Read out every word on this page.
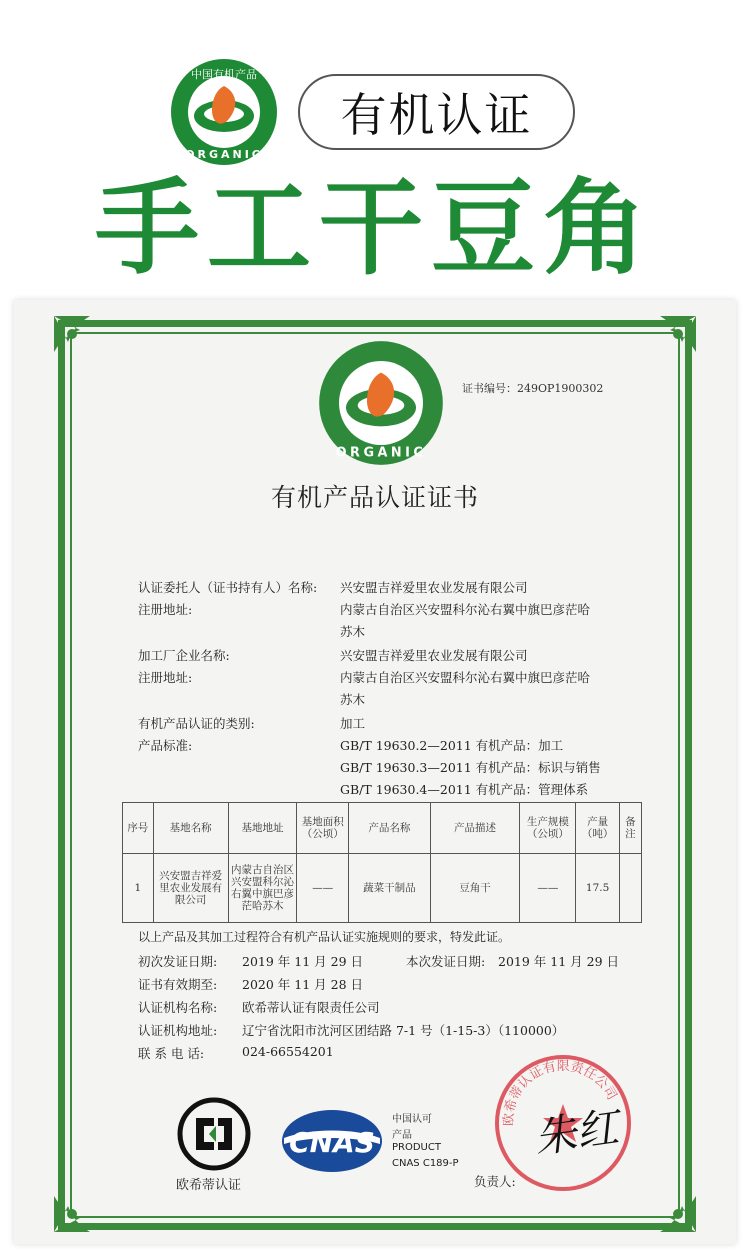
中国有机产品
ORGANIC
有机认证
手工干豆角
ORGANIC
证书编号：249OP1900302
有机产品认证证书
认证委托人（证书持有人）名称: 兴安盟吉祥爱里农业发展有限公司
注册地址:	内蒙古自治区兴安盟科尔沁右翼中旗巴彦茫哈
苏木
加工厂企业名称:	兴安盟吉祥爱里农业发展有限公司
注册地址:	内蒙古自治区兴安盟科尔沁右翼中旗巴彦茫哈
苏木
有机产品认证的类别:	加工
产品标准:	GB/T 19630.2—2011 有机产品：加工
GB/T 19630.3—2011 有机产品：标识与销售
GB/T 19630.4—2011 有机产品：管理体系
序号	基地名称	基地地址	基地面积（公顷）	产品名称	产品描述	生产规模（公顷）	产量（吨）	备注
1	兴安盟吉祥爱里农业发展有限公司	内蒙古自治区兴安盟科尔沁右翼中旗巴彦茫哈苏木	——	蔬菜干制品	豆角干	——	17.5	
以上产品及其加工过程符合有机产品认证实施规则的要求，特发此证。
初次发证日期: 2019 年 11 月 29 日	本次发证日期: 2019 年 11 月 29 日
证书有效期至: 2020 年 11 月 28 日
认证机构名称: 欧希蒂认证有限责任公司
认证机构地址: 辽宁省沈阳市沈河区团结路 7-1 号（1-15-3）（110000）
联 系 电 话:	024-66554201
欧希蒂认证
CNAS
中国认可
产品
PRODUCT
CNAS C189-P
欧希蒂认证有限责任公司
朱红
负责人:
